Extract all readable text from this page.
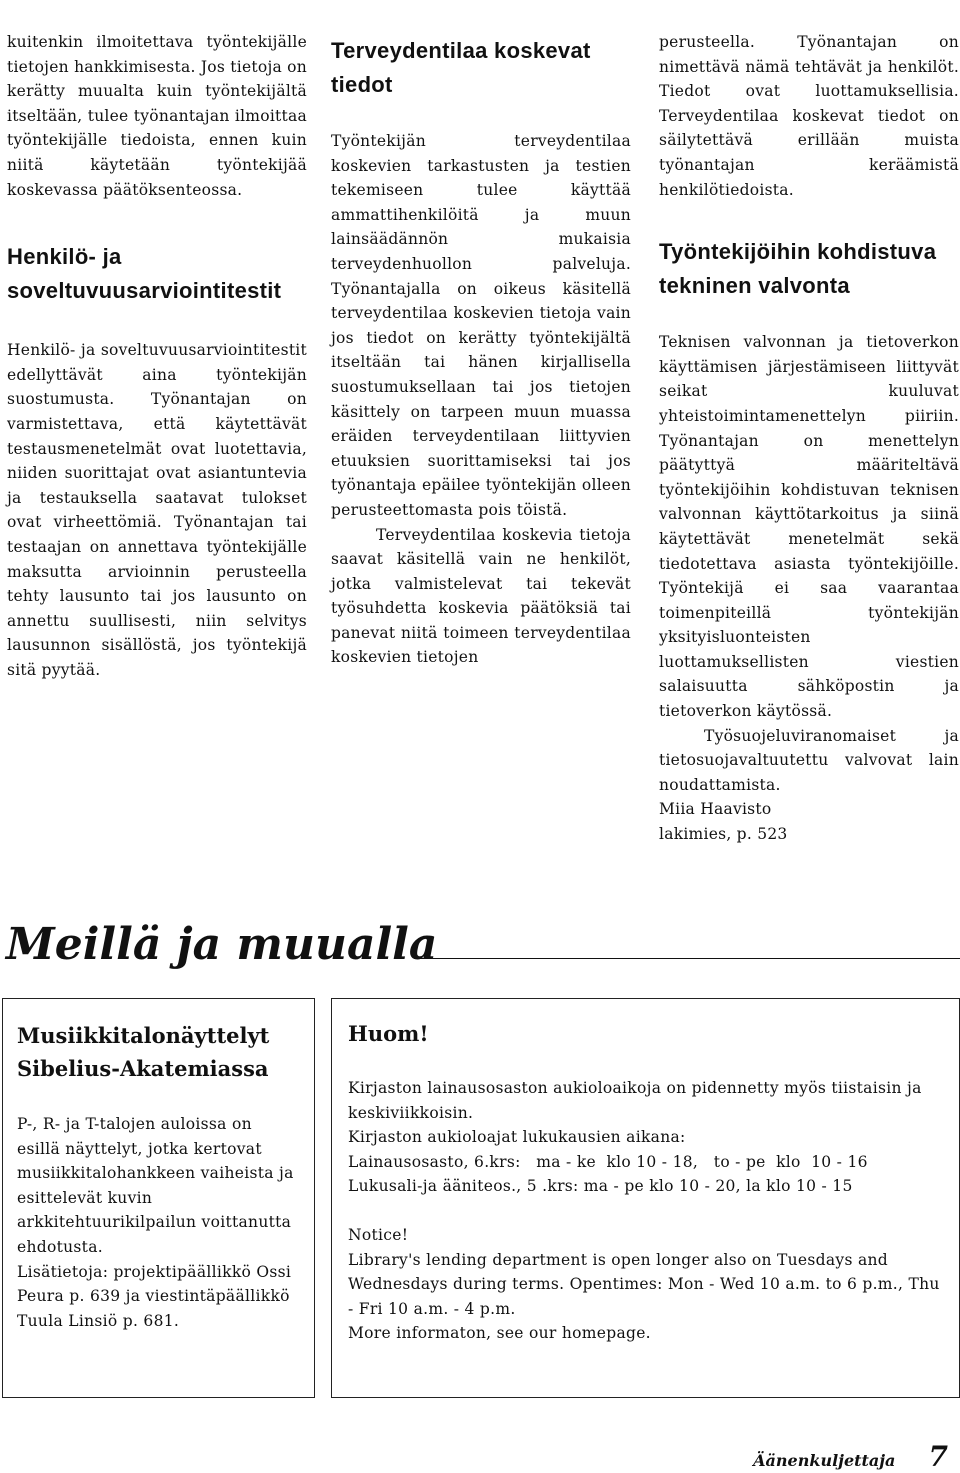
kuitenkin ilmoitettava työntekijälle tietojen hankkimisesta. Jos tietoja on kerätty muualta kuin työntekijältä itseltään, tulee työnantajan ilmoittaa työntekijälle tiedoista, ennen kuin niitä käytetään työntekijää koskevassa päätöksenteossa.

Henkilö- ja soveltuvuusarviointitestit

Henkilö- ja soveltuvuusarviointitestit edellyttävät aina työntekijän suostumusta. Työnantajan on varmistettava, että käytettävät testausmenetelmät ovat luotettavia, niiden suorittajat ovat asiantuntevia ja testauksella saatavat tulokset ovat virheettömiä. Työnantajan tai testaajan on annettava työntekijälle maksutta arvioinnin perusteella tehty lausunto tai jos lausunto on annettu suullisesti, niin selvitys lausunnon sisällöstä, jos työntekijä sitä pyytää.

Terveydentilaa koskevat tiedot

Työntekijän terveydentilaa koskevien tarkastusten ja testien tekemiseen tulee käyttää ammattihenkilöitä ja muun lainsäädännön mukaisia terveydenhuollon palveluja. Työnantajalla on oikeus käsitellä terveydentilaa koskevien tietoja vain jos tiedot on kerätty työntekijältä itseltään tai hänen kirjallisella suostumuksellaan tai jos tietojen käsittely on tarpeen muun muassa eräiden terveydentilaan liittyvien etuuksien suorittamiseksi tai jos työnantaja epäilee työntekijän olleen perusteettomasta pois töistä.

Terveydentilaa koskevia tietoja saavat käsitellä vain ne henkilöt, jotka valmistelevat tai tekevät työsuhdetta koskevia päätöksiä tai panevat niitä toimeen terveydentilaa koskevien tietojen

perusteella. Työnantajan on nimettävä nämä tehtävät ja henkilöt. Tiedot ovat luottamuksellisia. Terveydentilaa koskevat tiedot on säilytettävä erillään muista työnantajan keräämistä henkilötiedoista.

Työntekijöihin kohdistuva tekninen valvonta

Teknisen valvonnan ja tietoverkon käyttämisen järjestämiseen liittyvät seikat kuuluvat yhteistoimintamenettelyn piiriin. Työnantajan on menettelyn päätyttyä määriteltävä työntekijöihin kohdistuvan teknisen valvonnan käyttötarkoitus ja siinä käytettävät menetelmät sekä tiedotettava asiasta työntekijöille. Työntekijä ei saa vaarantaa toimenpiteillä työntekijän yksityisluonteisten luottamuksellisten viestien salaisuutta sähköpostin ja tietoverkon käytössä.

Työsuojeluviranomaiset ja tietosuojavaltuutettu valvovat lain noudattamista.

Miia Haavisto

lakimies, p. 523

Meillä ja muualla
Musiikkitalonäyttelyt Sibelius-Akatemiassa

P-, R- ja T-talojen auloissa on esillä näyttelyt, jotka kertovat musiikkitalohankkeen vaiheista ja esittelevät kuvin arkkitehtuurikilpailun voittanutta ehdotusta.

Lisätietoja: projektipäällikkö Ossi Peura p. 639 ja viestintäpäällikkö Tuula Linsiö p. 681.

Huom!

Kirjaston lainausosaston aukioloaikoja on pidennetty myös tiistaisin ja keskiviikkoisin.

Kirjaston aukioloajat lukukausien aikana:

Lainausosasto, 6.krs:   ma - ke  klo 10 - 18,   to - pe  klo  10 - 16

Lukusali-ja ääniteos., 5 .krs: ma - pe klo 10 - 20, la klo 10 - 15

Notice!

Library's lending department is open longer also on Tuesdays and Wednesdays during terms. Opentimes: Mon - Wed 10 a.m. to 6 p.m., Thu - Fri 10 a.m. - 4 p.m.

More informaton, see our homepage.

Äänenkuljettaja 7
